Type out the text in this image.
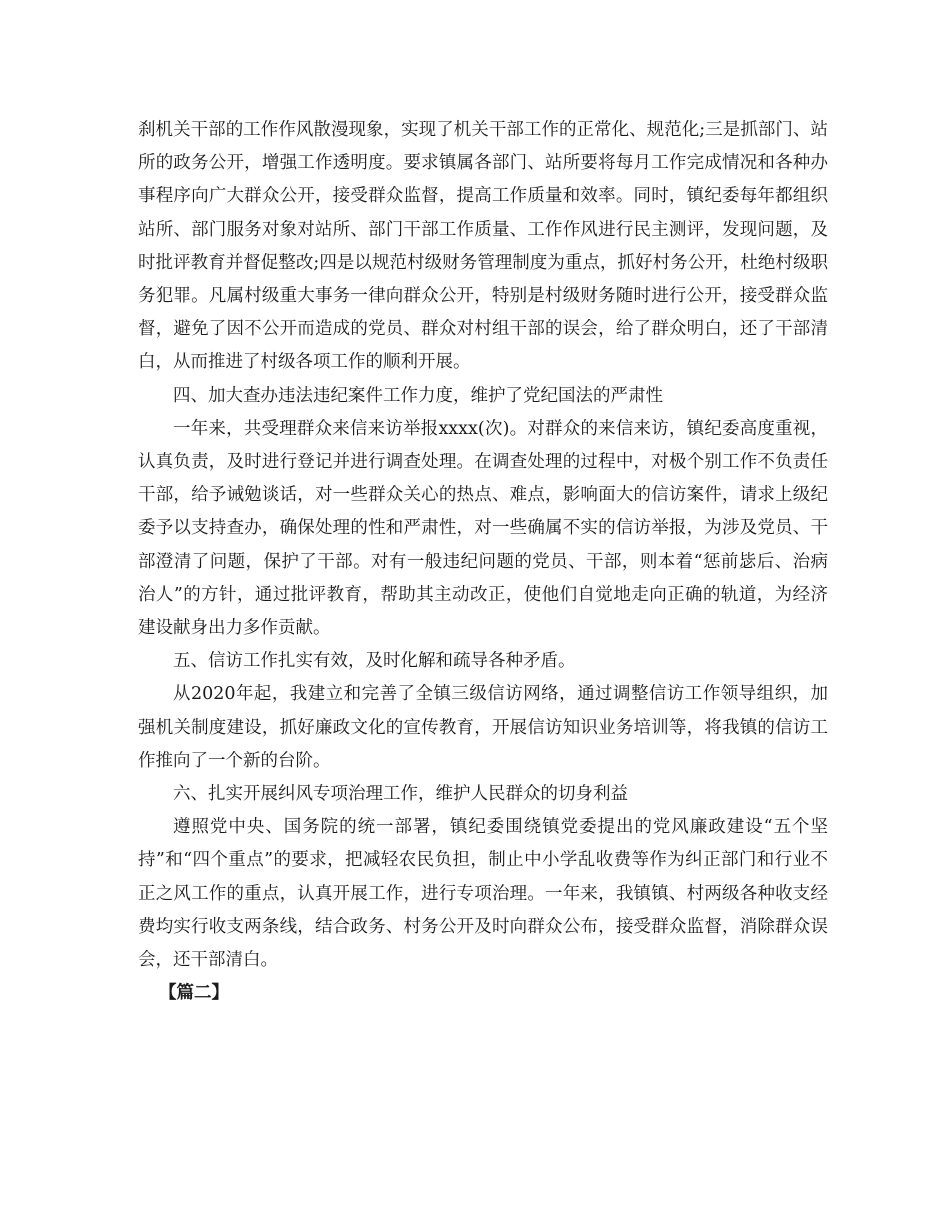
刹机关干部的工作作风散漫现象，实现了机关干部工作的正常化、规范化;三是抓部门、站所的政务公开，增强工作透明度。要求镇属各部门、站所要将每月工作完成情况和各种办事程序向广大群众公开，接受群众监督，提高工作质量和效率。同时，镇纪委每年都组织站所、部门服务对象对站所、部门干部工作质量、工作作风进行民主测评，发现问题，及时批评教育并督促整改;四是以规范村级财务管理制度为重点，抓好村务公开，杜绝村级职务犯罪。凡属村级重大事务一律向群众公开，特别是村级财务随时进行公开，接受群众监督，避免了因不公开而造成的党员、群众对村组干部的误会，给了群众明白，还了干部清白，从而推进了村级各项工作的顺利开展。

四、加大查办违法违纪案件工作力度，维护了党纪国法的严肃性

一年来，共受理群众来信来访举报xxxx(次)。对群众的来信来访，镇纪委高度重视，认真负责，及时进行登记并进行调查处理。在调查处理的过程中，对极个别工作不负责任干部，给予诫勉谈话，对一些群众关心的热点、难点，影响面大的信访案件，请求上级纪委予以支持查办，确保处理的性和严肃性，对一些确属不实的信访举报，为涉及党员、干部澄清了问题，保护了干部。对有一般违纪问题的党员、干部，则本着“惩前毖后、治病治人”的方针，通过批评教育，帮助其主动改正，使他们自觉地走向正确的轨道，为经济建设献身出力多作贡献。

五、信访工作扎实有效，及时化解和疏导各种矛盾。

从2020年起，我建立和完善了全镇三级信访网络，通过调整信访工作领导组织，加强机关制度建设，抓好廉政文化的宣传教育，开展信访知识业务培训等，将我镇的信访工作推向了一个新的台阶。

六、扎实开展纠风专项治理工作，维护人民群众的切身利益

遵照党中央、国务院的统一部署，镇纪委围绕镇党委提出的党风廉政建设“五个坚持”和“四个重点”的要求，把减轻农民负担，制止中小学乱收费等作为纠正部门和行业不正之风工作的重点，认真开展工作，进行专项治理。一年来，我镇镇、村两级各种收支经费均实行收支两条线，结合政务、村务公开及时向群众公布，接受群众监督，消除群众误会，还干部清白。

【篇二】
